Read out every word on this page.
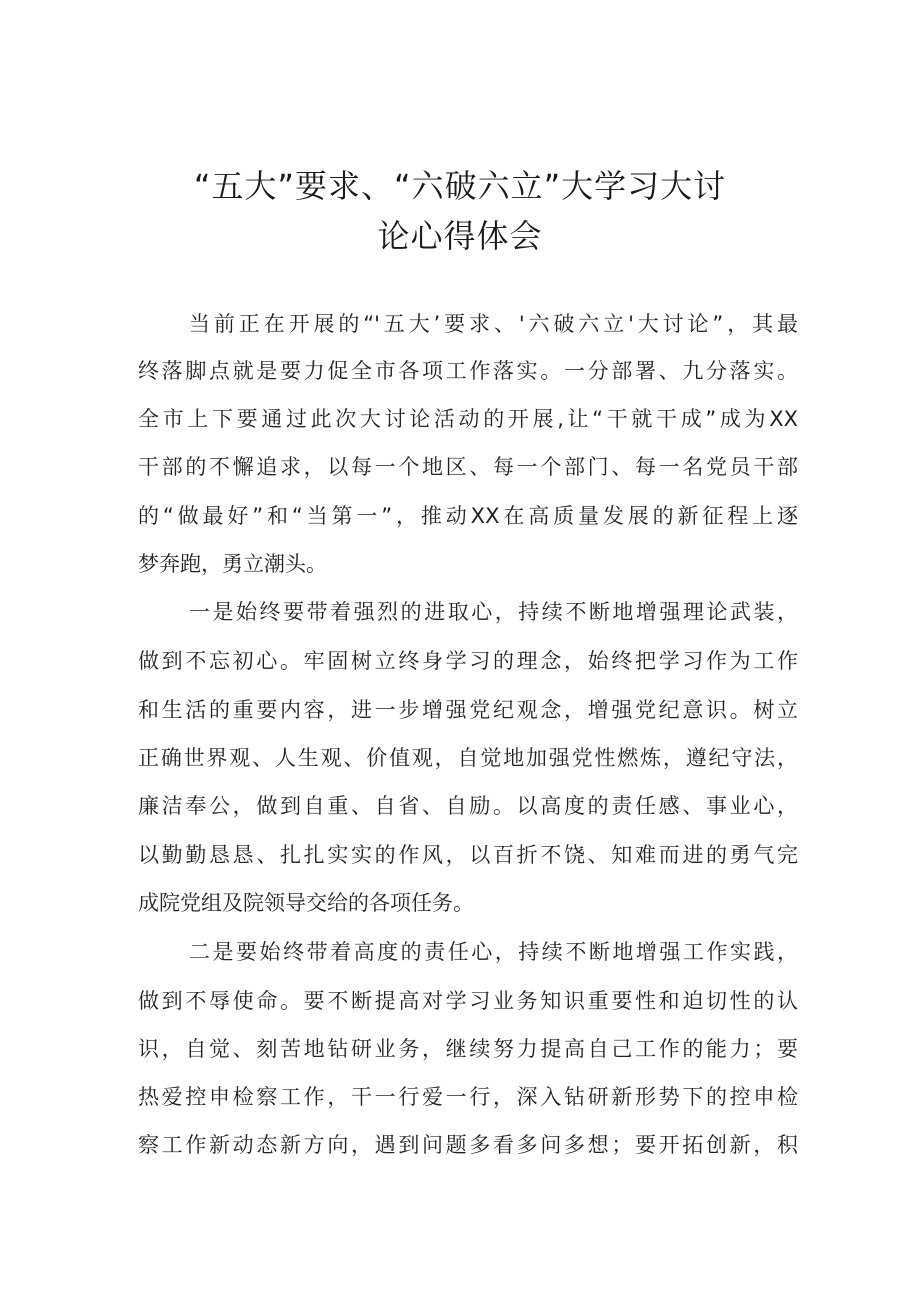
“五大”要求、“六破六立”大学习大讨
论心得体会
当前正在开展的“'五大’要求、'六破六立'大讨论”，其最
终落脚点就是要力促全市各项工作落实。一分部署、九分落实。
全市上下要通过此次大讨论活动的开展,让“干就干成”成为XX
干部的不懈追求，以每一个地区、每一个部门、每一名党员干部
的“做最好”和“当第一”，推动XX在高质量发展的新征程上逐
梦奔跑，勇立潮头。
一是始终要带着强烈的进取心，持续不断地增强理论武装，
做到不忘初心。牢固树立终身学习的理念，始终把学习作为工作
和生活的重要内容，进一步增强党纪观念，增强党纪意识。树立
正确世界观、人生观、价值观，自觉地加强党性燃炼，遵纪守法，
廉洁奉公，做到自重、自省、自励。以高度的责任感、事业心，
以勤勤恳恳、扎扎实实的作风，以百折不饶、知难而进的勇气完
成院党组及院领导交给的各项任务。
二是要始终带着高度的责任心，持续不断地增强工作实践，
做到不辱使命。要不断提高对学习业务知识重要性和迫切性的认
识，自觉、刻苦地钻研业务，继续努力提高自己工作的能力；要
热爱控申检察工作，干一行爱一行，深入钻研新形势下的控申检
察工作新动态新方向，遇到问题多看多问多想；要开拓创新，积
